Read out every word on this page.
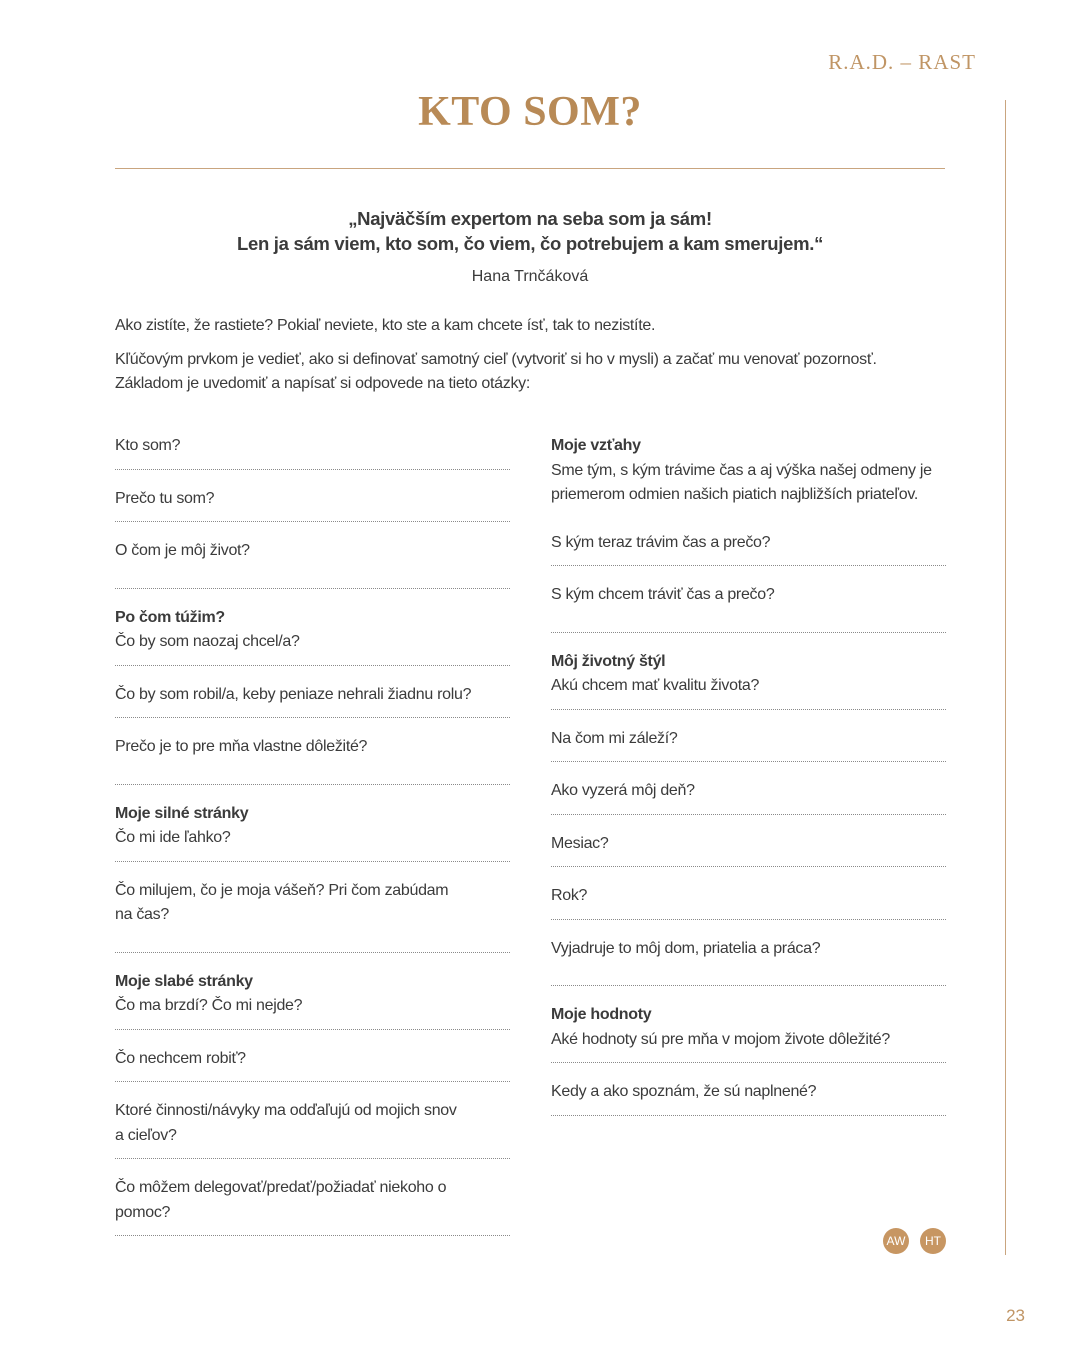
R.A.D. – RAST
KTO SOM?
„Najväčším expertom na seba som ja sám!
Len ja sám viem, kto som, čo viem, čo potrebujem a kam smerujem.“
Hana Trnčáková

Ako zistíte, že rastiete? Pokiaľ neviete, kto ste a kam chcete ísť, tak to nezistíte.

Kľúčovým prvkom je vedieť, ako si definovať samotný cieľ (vytvoriť si ho v mysli) a začať mu venovať pozornosť. Základom je uvedomiť a napísať si odpovede na tieto otázky:

Kto som?
Prečo tu som?
O čom je môj život?
Po čom túžim?
Čo by som naozaj chcel/a?
Čo by som robil/a, keby peniaze nehrali žiadnu rolu?
Prečo je to pre mňa vlastne dôležité?
Moje silné stránky
Čo mi ide ľahko?
Čo milujem, čo je moja vášeň? Pri čom zabúdam na čas?
Moje slabé stránky
Čo ma brzdí? Čo mi nejde?
Čo nechcem robiť?
Ktoré činnosti/návyky ma odďaľujú od mojich snov a cieľov?
Čo môžem delegovať/predať/požiadať niekoho o pomoc?
Moje vzťahy
Sme tým, s kým trávime čas a aj výška našej odmeny je priemerom odmien našich piatich najbližších priateľov.
S kým teraz trávim čas a prečo?
S kým chcem tráviť čas a prečo?
Môj životný štýl
Akú chcem mať kvalitu života?
Na čom mi záleží?
Ako vyzerá môj deň?
Mesiac?
Rok?
Vyjadruje to môj dom, priatelia a práca?
Moje hodnoty
Aké hodnoty sú pre mňa v mojom živote dôležité?
Kedy a ako spoznám, že sú naplnené?
AW	HT
23
